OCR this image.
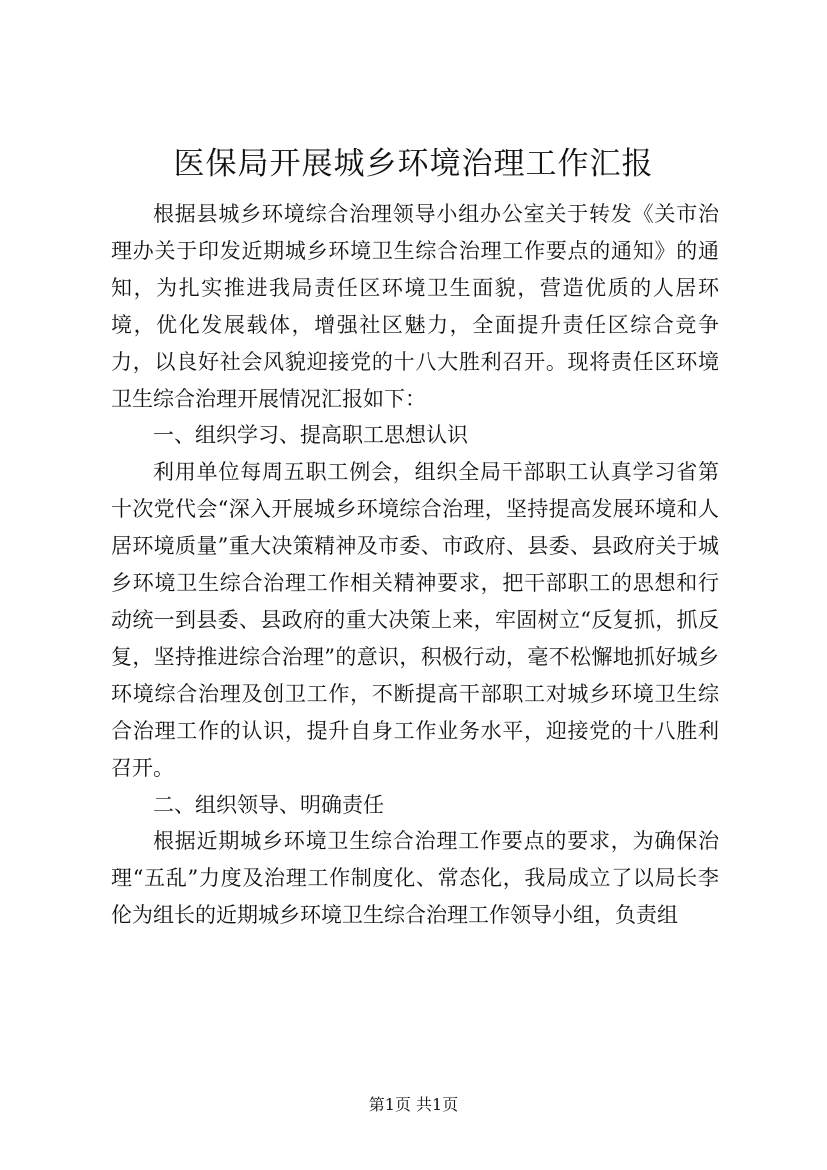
医保局开展城乡环境治理工作汇报

根据县城乡环境综合治理领导小组办公室关于转发《关市治理办关于印发近期城乡环境卫生综合治理工作要点的通知》的通知，为扎实推进我局责任区环境卫生面貌，营造优质的人居环境，优化发展载体，增强社区魅力，全面提升责任区综合竞争力，以良好社会风貌迎接党的十八大胜利召开。现将责任区环境卫生综合治理开展情况汇报如下：

一、组织学习、提高职工思想认识

利用单位每周五职工例会，组织全局干部职工认真学习省第十次党代会“深入开展城乡环境综合治理，坚持提高发展环境和人居环境质量”重大决策精神及市委、市政府、县委、县政府关于城乡环境卫生综合治理工作相关精神要求，把干部职工的思想和行动统一到县委、县政府的重大决策上来，牢固树立“反复抓，抓反复，坚持推进综合治理”的意识，积极行动，毫不松懈地抓好城乡环境综合治理及创卫工作，不断提高干部职工对城乡环境卫生综合治理工作的认识，提升自身工作业务水平，迎接党的十八胜利召开。

二、组织领导、明确责任

根据近期城乡环境卫生综合治理工作要点的要求，为确保治理“五乱”力度及治理工作制度化、常态化，我局成立了以局长李伦为组长的近期城乡环境卫生综合治理工作领导小组，负责组

第1页 共1页
